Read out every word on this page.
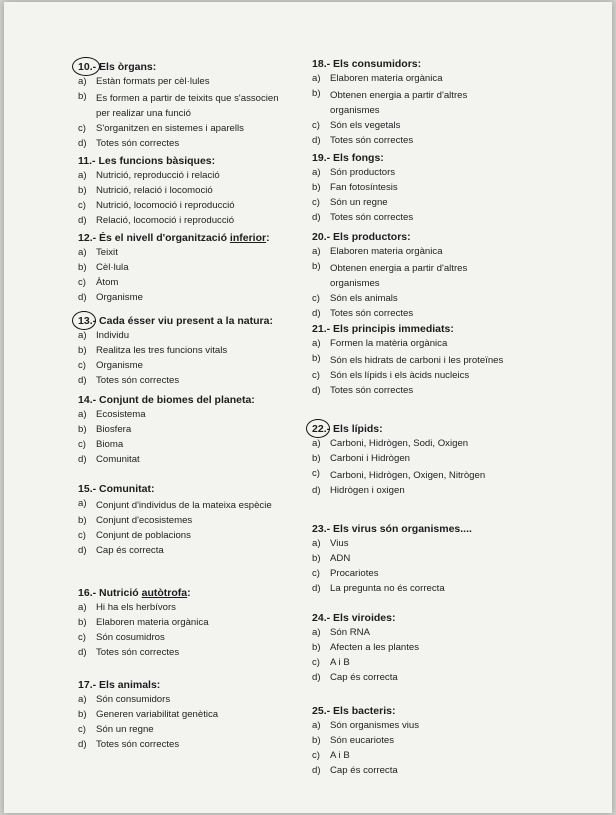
10.- Els òrgans:
a) Estàn formats per cèl·lules
b) Es formen a partir de teixits que s'associen per realizar una funció
c) S'organitzen en sistemes i aparells
d) Totes són correctes
11.- Les funcions bàsiques:
a) Nutrició, reproducció i relació
b) Nutrició, relació i locomoció
c) Nutrició, locomoció i reproducció
d) Relació, locomoció i reproducció
12.- És el nivell d'organització inferior:
a) Teixit
b) Cèl·lula
c) Àtom
d) Organisme
13.- Cada ésser viu present a la natura:
a) Individu
b) Realitza les tres funcions vitals
c) Organisme
d) Totes són correctes
14.- Conjunt de biomes del planeta:
a) Ecosistema
b) Biosfera
c) Bioma
d) Comunitat
15.- Comunitat:
a) Conjunt d'individus de la mateixa espècie
b) Conjunt d'ecosistemes
c) Conjunt de poblacions
d) Cap és correcta
16.- Nutrició autòtrofa:
a) Hi ha els herbívors
b) Elaboren materia orgànica
c) Són cosumidros
d) Totes són correctes
17.- Els animals:
a) Són consumidors
b) Generen variabilitat genètica
c) Són un regne
d) Totes són correctes
18.- Els consumidors:
a) Elaboren materia orgànica
b) Obtenen energia a partir d'altres organismes
c) Són els vegetals
d) Totes són correctes
19.- Els fongs:
a) Són productors
b) Fan fotosíntesis
c) Són un regne
d) Totes són correctes
20.- Els productors:
a) Elaboren materia orgànica
b) Obtenen energia a partir d'altres organismes
c) Són els animals
d) Totes són correctes
21.- Els principis immediats:
a) Formen la matèria orgànica
b) Són els hidrats de carboni i les proteïnes
c) Són els lípids i els àcids nucleics
d) Totes són correctes
22.- Els lípids:
a) Carboni, Hidrògen, Sodi, Oxigen
b) Carboni i Hidrògen
c) Carboni, Hidrògen, Oxigen, Nitrògen
d) Hidrògen i oxigen
23.- Els virus són organismes....
a) Vius
b) ADN
c) Procariotes
d) La pregunta no és correcta
24.- Els viroides:
a) Són RNA
b) Afecten a les plantes
c) A i B
d) Cap és correcta
25.- Els bacteris:
a) Són organismes vius
b) Són eucariotes
c) A i B
d) Cap és correcta
